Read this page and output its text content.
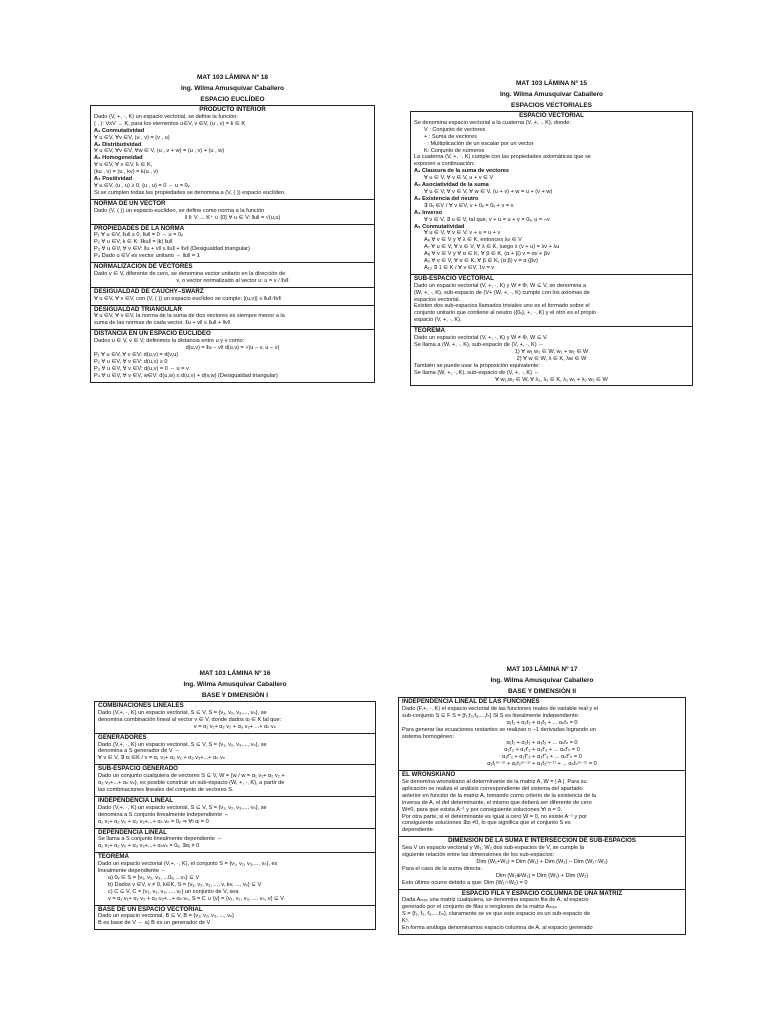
MAT 103 LÁMINA Nº 18
Ing. Wilma Amusquivar Caballero
ESPACIO EUCLÍDEO
PRODUCTO INTERIOR
Dado (V, +, ·, K) un espacio vectorial, se define la función:
( , ): VxV → K, para los elementos u∈V, v ∈V, (u , v) = k ∈ K
A₁ Conmutatividad
∀ u ∈V, ∀v ∈V, (u , v) = (v , u)
A₂ Distributividad
∀ u ∈V, ∀v ∈V, ∀w ∈ V, (u , v + w) = (u , v) + (u , w)
A₃ Homogeneidad
∀ u ∈V, ∀ v ∈V, k ∈ K,
(ku , v) = (u , kv) = k(u , v)
A₄ Positividad
∀ u ∈V, (u , u) ≥ 0, (u , u) = 0 ⇔ u = 0ᵥ
Si se cumplen todas las propiedades se denomina a (V, ( )) espacio euclídeo.
NORMA DE UN VECTOR
Dado (V, ( )) un espacio euclídeo, se define como norma a la función
‖ ‖: V → K⁺ ∪ {0} ∀ u ∈ V: ‖u‖ = √(u,u)
PROPIEDADES DE LA NORMA
P₁ ∀ u ∈V, ‖u‖ ≥ 0, ‖u‖ = 0 ⇔ u = 0ᵥ
P₂ ∀ u ∈V, k ∈ K: ‖ku‖ = |k| ‖u‖
P₃ ∀ u ∈V, ∀ v ∈V: ‖u + v‖ ≤ ‖u‖ + ‖v‖ (Desigualdad triangular)
P₄ Dado u ∈V es vector unitario ⇔ ‖u‖ = 1
NORMALIZACION DE VECTORES
Dado v ∈ V, diferente de cero, se denomina vector unitario en la dirección de
v, o vector normalizado al vector u: u = v / ‖v‖
DESIGUALDAD DE CAUCHY–SWARZ
∀ u ∈V, ∀ v ∈V, con (V, ( )) un espacio euclídeo se cumple: |(u,v)| ≤ ‖u‖·‖v‖
DESIGUALDAD TRIANGULAR
∀ u ∈V, ∀ v ∈V, la norma de la suma de dos vectores es siempre menor a la
suma de las normas de cada vector. ‖u + v‖ ≤ ‖u‖ + ‖v‖
DISTANCIA EN UN ESPACIO EUCLIDEO
Dados u ∈ V, v ∈ V, definimos la distancia entre u y v como:
d(u,v) = ‖u − v‖ d(u,v) = √(u − v, u − v)
P₁ ∀ u ∈V, ∀ v ∈V: d(u,v) = d(v,u)
P₂ ∀ u ∈V, ∀ v ∈V: d(u,v) ≥ 0
P₃ ∀ u ∈V, ∀ v ∈V: d(u,v) = 0 ⇔ u = v
P₄ ∀ u ∈V, ∀ v ∈V, w∈V: d(u,w) ≤ d(u,v) + d(v,w) (Desigualdad triangular)
MAT 103 LÁMINA Nº 15
Ing. Wilma Amusquivar Caballero
ESPACIOS VECTORIALES
ESPACIO VECTORIAL
Se denomina espacio vectorial a la cuaterna (V, +, ·, K), donde:
V : Conjunto de vectores
+ : Suma de vectores
· : Multiplicación de un escalar por un vector
K: Conjunto de números
La cuaterna (V, +, ·, K) cumple con las propiedades axiomáticas que se
exponen a continuación:
A₁ Clausura de la suma de vectores
∀ u ∈ V, ∀ v ∈ V, u + v ∈ V
A₂ Asociatividad de la suma
∀ u ∈ V, ∀ v ∈ V, ∀ w ∈ V, (u + v) + w = u + (v + w)
A₃ Existencia del neutro
∃ 0ᵥ ∈V / ∀ v ∈V, v + 0ᵥ = 0ᵥ + v = v
A₄ Inverso
∀ v ∈ V, ∃ u ∈ V, tal que, v + u = u + v = 0ᵥ, u = −v
A₅ Conmutatividad
∀ u ∈ V, ∀ v ∈ V, v + u = u + v
A₆ ∀ v ∈ V y ∀ λ ∈ K, entonces λv ∈ V
A₇ ∀ u ∈ V, ∀ v ∈ V, ∀ λ ∈ K, luego λ (v + u) = λv + λu
A₈ ∀ v ∈ V y ∀ α ∈ K, ∀ β ∈ K, (α + β) v = αv + βv
A₉ ∀ v ∈ V, ∀ α ∈ K, ∀ β ∈ K, (α β) v = α (βv)
A₁₀ ∃ 1 ∈ K / ∀ v ∈V, 1v = v
SUB-ESPACIO VECTORIAL
Dado un espacio vectorial (V, +, ·, K) y W ≠ Φ, W ⊆ V, se denomina a
(W, +, ·, K), sub-espacio de (V+ (W, +, ·, K) cumple con los axiomas de
espacios vectorial.
Existen dos sub-espacios llamados triviales uno es el formado sobre el
conjunto unitario que contiene al neutro ({0ᵥ}, +, ·, K) y el otro es el propio
espacio (V, +, ·, K).
TEOREMA
Dado un espacio vectorial (V, +, ·, K) y W ≠ Φ, W ⊆ V.
Se llama a (W, +, ·, K), sub-espacio de (V, +, ·, K) ⇔
1) ∀ w₁ w₂ ∈ W, w₁ + w₂ ∈ W
2) ∀ w ∈ W, λ ∈ K, λw ∈ W
También se puede usar la proposición equivalente:
Se llama (W, +, ·, K), sub-espacio de (V, +, ·, K) ⇔
∀ w₁,w₂ ∈ W, ∀ λ₁, λ₂ ∈ K, λ₁ w₁ + λ₂ w₂ ∈ W
MAT 103 LÁMINA Nº 16
Ing. Wilma Amusquivar Caballero
BASE Y DIMENSIÓN I
COMBINACIONES LINEALES
Dado (V,+, ·, K) un espacio vectorial, S ⊆ V, S = {v₁, v₂, v₃,..., vₙ}, se
denomina combinación lineal al vector v ∈ V, donde dados αᵢ ∈ K tal que:
v = α₁ v₁+ α₂ v₂ + α₃ v₃+ ...+ αₙ vₙ
GENERADORES
Dado (V,+, ·, K) un espacio vectorial, S ⊆ V, S = {v₁, v₂, v₃,..., vₙ}, se
denomina a S generador de V ⇔
∀ v ∈ V, ∃ αᵢ ∈K / v = α₁ v₁+ α₂ v₂ + α₃ v₃+...+ αₙ vₙ
SUB-ESPACIO GENERADO
Dado un conjunto cualquiera de vectores S ⊆ V, W = {w / w = α₁ v₁+ α₂ v₂ +
α₃ v₃+...+ αₙ vₙ}, es posible construir un sub-espacio (W, +, ·, K), a partir de
las combinaciones lineales del conjunto de vectores S.
INDEPENDENCIA LINEAL
Dado (V,+, ·, K) un espacio vectorial, S ⊆ V, S = {v₁, v₂, v₃,..., vₙ}, se
denomina a S conjunto linealmente independiente ⇔
α₁ v₁+ α₂ v₂ + α₃ v₃+...+ αₙ vₙ = 0ᵥ ⇒ ∀i αᵢ = 0
DEPENDENCIA LINEAL
Se llama a S conjunto linealmente dependiente ⇔
α₁ v₁+ α₂ v₂ + α₃ v₃+...+ αₙvₙ = 0ᵥ, ∃αᵢ ≠ 0
TEOREMA
Dado un espacio vectorial (V,+, ·, K), el conjunto S = {v₁, v₂, v₃,..., vₙ}, es
linealmente dependiente ⇔
a) 0ᵥ ∈ S = {v₁, v₂, v₃, ...0ᵥ, ...vₙ} ⊆ V
b) Dados v ∈V, v ≠ 0, k∈K, S = {v₁, v₂, v₃, ..., v, kv, ..., vₙ} ⊆ V
c) C ⊆ V, C = {v₁, v₂, v₃, ..., vₙ} un conjunto de V, sea
v = α₁ v₁+ α₂ v₂ + α₃ v₃+...+ αₙ vₙ, S = C ∪ {v} = {v₁, v₂, v₃, ..., vₙ, v} ⊆ V.
BASE DE UN ESPACIO VECTORIAL
Dado un espacio vectorial, B ⊆ V, B = {v₁, v₂, v₃, ..., vₙ}
B es base de V ⇔ a) B es un generador de V
MAT 103 LÁMINA Nº 17
Ing. Wilma Amusquivar Caballero
BASE Y DIMENSIÓN II
INDEPENDENCIA LINEAL DE LAS FUNCIONES
Dado (F,+, ·, K) el espacio vectorial de las funciones reales de variable real y el
sub-conjunto S ⊆ F S = {f₁,f₂,f₃,...,fₙ} Si S es linealmente independiente:
α₁f₁ + α₂f₂ + α₃f₃ + ... αₙfₙ = 0
Para generar las ecuaciones restantes se realizan n −1 derivadas logrando un
sistema homogéneo:
α₁f₁ + α₂f₂ + α₃f₃ + ... αₙfₙ = 0
α₁f'₁ + α₂f'₂ + α₃f'₃ + ... αₙf'ₙ = 0
α₁f''₁ + α₂f''₂ + α₃f''₃ + ... αₙf''ₙ = 0
α₁f₁⁽ⁿ⁻¹⁾ + α₂f₂⁽ⁿ⁻¹⁾ + α₃f₃⁽ⁿ⁻¹⁾ + ... αₙfₙ⁽ⁿ⁻¹⁾ = 0
EL WRONSKIANO
Se denomina wronskiano al determinante de la matriz A, W = | A |. Para su
aplicación se realiza el análisis correspondiente del sistema del apartado
anterior en función de la matriz A, tomando como criterio de la existencia de la
inversa de A, el del determinante, el mismo que deberá ser diferente de cero
W≠0, para que exista A⁻¹ y por consiguiente soluciones ∀i α = 0.
Por otra parte, si el determinante es igual a cero W = 0, no existe A⁻¹ y por
consiguiente soluciones ∃αᵢ ≠0, lo que significa que el conjunto S es
dependiente.
DIMENSIÓN DE LA SUMA E INTERSECCIÓN DE SUB-ESPACIOS
Sea V un espacio vectorial y W₁, W₂ dos sub-espacios de V, se cumple la
siguiente relación entre las dimensiones de los sub-espacios:
Dim (W₁+W₂) = Dim (W₁) + Dim (W₂) − Dim (W₁∩W₂)
Para el caso de la suma directa:
Dim (W₁⊕W₂) = Dim (W₁) + Dim (W₂)
Esto último ocurre debido a que: Dim (W₁∩W₂) = 0
ESPACIO FILA Y ESPACIO COLUMNA DE UNA MATRIZ
Dada Aₘₓₙ una matriz cualquiera, se denomina espacio fila de A, al espacio
generado por el conjunto de filas o renglones de la matriz Aₘₓₙ
S = {f₁, f₂, f₃,...,fₘ}, claramente se ve que este espacio es un sub-espacio de
Kⁿ.
En forma análoga denominamos espacio columna de A, al espacio generado
